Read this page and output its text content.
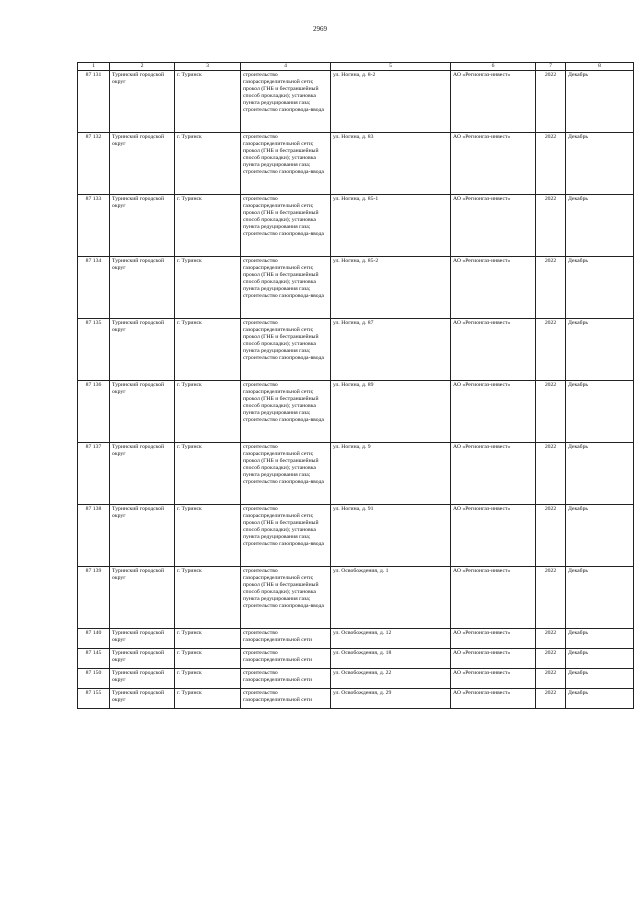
2969
1	2	3	4	5	6	7	8
87 131	Туринский городской округ	г. Туринск	строительство газораспределительной сети; прокол (ГНБ и бестраншейный способ прокладки); установка пункта редуцирования газа; строительство газопровода-ввода	ул. Ногина, д. 8-2	АО «Регионгаз-инвест»	2022	Декабрь
87 132	Туринский городской округ	г. Туринск	строительство газораспределительной сети; прокол (ГНБ и бестраншейный способ прокладки); установка пункта редуцирования газа; строительство газопровода-ввода	ул. Ногина, д. 83	АО «Регионгаз-инвест»	2022	Декабрь
87 133	Туринский городской округ	г. Туринск	строительство газораспределительной сети; прокол (ГНБ и бестраншейный способ прокладки); установка пункта редуцирования газа; строительство газопровода-ввода	ул. Ногина, д. 85-1	АО «Регионгаз-инвест»	2022	Декабрь
87 134	Туринский городской округ	г. Туринск	строительство газораспределительной сети; прокол (ГНБ и бестраншейный способ прокладки); установка пункта редуцирования газа; строительство газопровода-ввода	ул. Ногина, д. 85-2	АО «Регионгаз-инвест»	2022	Декабрь
87 135	Туринский городской округ	г. Туринск	строительство газораспределительной сети; прокол (ГНБ и бестраншейный способ прокладки); установка пункта редуцирования газа; строительство газопровода-ввода	ул. Ногина, д. 87	АО «Регионгаз-инвест»	2022	Декабрь
87 136	Туринский городской округ	г. Туринск	строительство газораспределительной сети; прокол (ГНБ и бестраншейный способ прокладки); установка пункта редуцирования газа; строительство газопровода-ввода	ул. Ногина, д. 89	АО «Регионгаз-инвест»	2022	Декабрь
87 137	Туринский городской округ	г. Туринск	строительство газораспределительной сети; прокол (ГНБ и бестраншейный способ прокладки); установка пункта редуцирования газа; строительство газопровода-ввода	ул. Ногина, д. 9	АО «Регионгаз-инвест»	2022	Декабрь
87 138	Туринский городской округ	г. Туринск	строительство газораспределительной сети; прокол (ГНБ и бестраншейный способ прокладки); установка пункта редуцирования газа; строительство газопровода-ввода	ул. Ногина, д. 91	АО «Регионгаз-инвест»	2022	Декабрь
87 139	Туринский городской округ	г. Туринск	строительство газораспределительной сети; прокол (ГНБ и бестраншейный способ прокладки); установка пункта редуцирования газа; строительство газопровода-ввода	ул. Освобождения, д. 1	АО «Регионгаз-инвест»	2022	Декабрь
87 140	Туринский городской округ	г. Туринск	строительство газораспределительной сети	ул. Освобождения, д. 12	АО «Регионгаз-инвест»	2022	Декабрь
87 145	Туринский городской округ	г. Туринск	строительство газораспределительной сети	ул. Освобождения, д. 18	АО «Регионгаз-инвест»	2022	Декабрь
87 150	Туринский городской округ	г. Туринск	строительство газораспределительной сети	ул. Освобождения, д. 22	АО «Регионгаз-инвест»	2022	Декабрь
87 155	Туринский городской округ	г. Туринск	строительство газораспределительной сети	ул. Освобождения, д. 29	АО «Регионгаз-инвест»	2022	Декабрь
